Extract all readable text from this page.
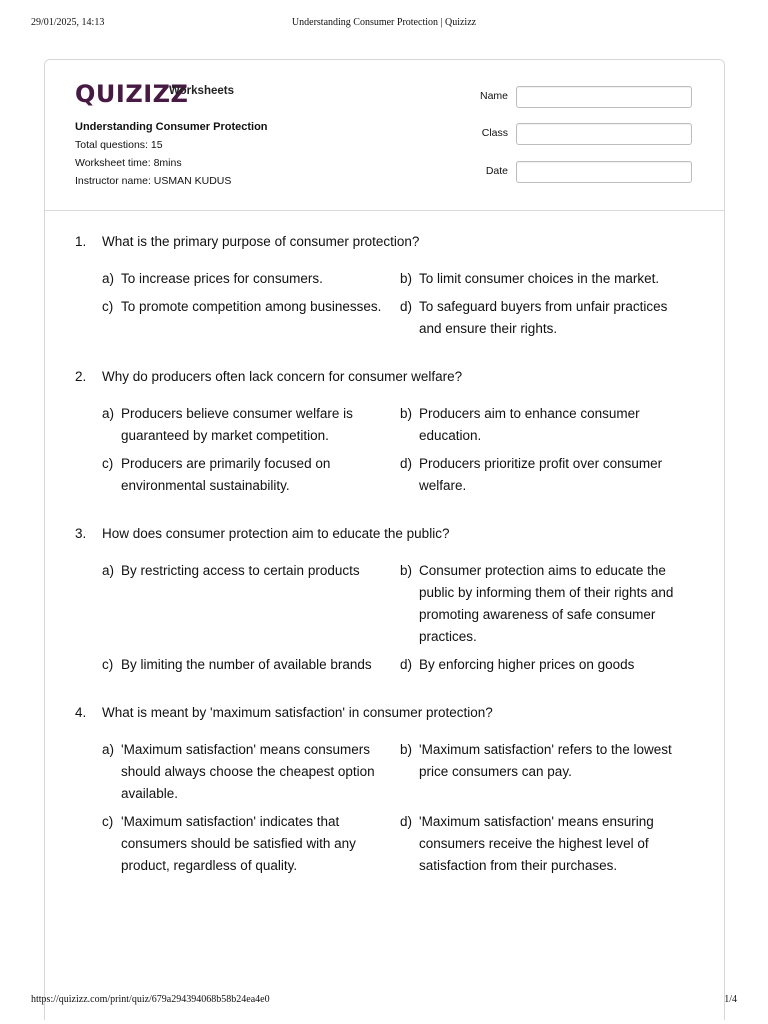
29/01/2025, 14:13	Understanding Consumer Protection | Quizizz
QUIZIZZ
Worksheets
Understanding Consumer Protection
Total questions: 15
Worksheet time: 8mins
Instructor name: USMAN KUDUS
Name
Class
Date
1.	What is the primary purpose of consumer protection?
a) To increase prices for consumers.	b) To limit consumer choices in the market.
c) To promote competition among businesses. d) To safeguard buyers from unfair practices and ensure their rights.
2.	Why do producers often lack concern for consumer welfare?
a) Producers believe consumer welfare is guaranteed by market competition.
b) Producers aim to enhance consumer education.
c) Producers are primarily focused on environmental sustainability.
d) Producers prioritize profit over consumer welfare.
3.	How does consumer protection aim to educate the public?
a) By restricting access to certain products	b) Consumer protection aims to educate the public by informing them of their rights and promoting awareness of safe consumer practices.
c) By limiting the number of available brands d) By enforcing higher prices on goods
4.	What is meant by 'maximum satisfaction' in consumer protection?
a) 'Maximum satisfaction' means consumers should always choose the cheapest option available.
b) 'Maximum satisfaction' refers to the lowest price consumers can pay.
c) 'Maximum satisfaction' indicates that consumers should be satisfied with any product, regardless of quality.
d) 'Maximum satisfaction' means ensuring consumers receive the highest level of satisfaction from their purchases.
https://quizizz.com/print/quiz/679a294394068b58b24ea4e0	1/4
